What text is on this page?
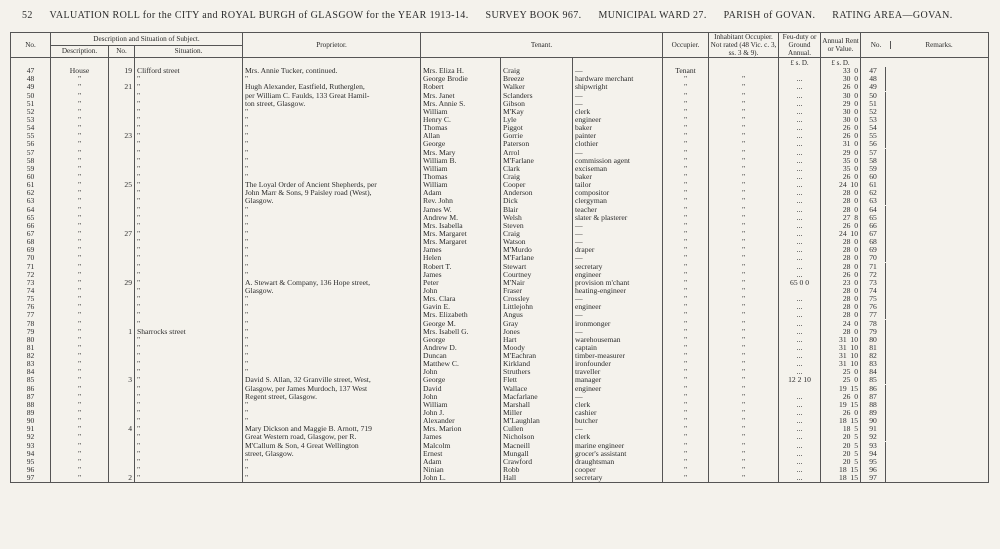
52 VALUATION ROLL for the CITY and ROYAL BURGH of GLASGOW for the YEAR 1913-14. SURVEY BOOK 967. MUNICIPAL WARD 27. PARISH of GOVAN. RATING AREA—GOVAN.
No.	Description and Situation of Subject.			Proprietor.	Tenant.			Occupier.	Inhabitant Occupier. Not rated (48 Vic. c. 3, ss. 3 & 9).	Feu-duty or Ground Annual.	Annual Rent or Value.	No. Remarks.

	Description.	No.	Situation.									
										£ s. D.	£ s. D.	
47	House	19	Clifford street	Mrs. Annie Tucker, continued.	Mrs. Eliza H.	Craig	—	Tenant			33  0	47
48	"		"	"	George Brodie	Breeze	hardware merchant	"	"	...	30  0	48
49	"	21	"	Hugh Alexander, Eastfield, Rutherglen,	Robert	Walker	shipwright	"	"	...	26  0	49
50	"		"	per William C. Faulds, 133 Great Hamil-	Mrs. Janet	Sclanders	—	"	"	...	30  0	50
51	"		"	ton street, Glasgow.	Mrs. Annie S.	Gibson	—	"	"	...	29  0	51
52	"		"	"	William	M'Kay	clerk	"	"	...	30  0	52
53	"		"	"	Henry C.	Lyle	engineer	"	"	...	30  0	53
54	"		"	"	Thomas	Piggot	baker	"	"	...	26  0	54
55	"	23	"	"	Allan	Gorrie	painter	"	"	...	26  0	55
56	"		"	"	George	Paterson	clothier	"	"	...	31  0	56
57	"		"	"	Mrs. Mary	Arrol	—	"	"	...	29  0	57
58	"		"	"	William B.	M'Farlane	commission agent	"	"	...	35  0	58
59	"		"	"	William	Clark	exciseman	"	"	...	35  0	59
60	"		"	"	Thomas	Craig	baker	"	"	...	26  0	60
61	"	25	"	The Loyal Order of Ancient Shepherds, per	William	Cooper	tailor	"	"	...	24  10	61
62	"		"	John Marr & Sons, 9 Paisley road (West),	Adam	Anderson	compositor	"	"	...	28  0	62
63	"		"	Glasgow.	Rev. John	Dick	clergyman	"	"	...	28  0	63
64	"		"	"	James W.	Blair	teacher	"	"	...	28  0	64
65	"		"	"	Andrew M.	Welsh	slater & plasterer	"	"	...	27  8	65
66	"		"	"	Mrs. Isabella	Steven	—	"	"	...	26  0	66
67	"	27	"	"	Mrs. Margaret	Craig	—	"	"	...	24  10	67
68	"		"	"	Mrs. Margaret	Watson	—	"	"	...	28  0	68
69	"		"	"	James	M'Murdo	draper	"	"	...	28  0	69
70	"		"	"	Helen	M'Farlane	—	"	"	...	28  0	70
71	"		"	"	Robert T.	Stewart	secretary	"	"	...	28  0	71
72	"		"	"	James	Courtney	engineer	"	"	...	26  0	72
73	"	29	"	A. Stewart & Company, 136 Hope street,	Peter	M'Nair	provision m'chant	"	"	65 0 0	23  0	73
74	"		"	Glasgow.	John	Fraser	heating-engineer	"	"		28  0	74
75	"		"	"	Mrs. Clara	Crossley	—	"	"	...	28  0	75
76	"		"	"	Gavin E.	Littlejohn	engineer	"	"	...	28  0	76
77	"		"	"	Mrs. Elizabeth	Angus	—	"	"	...	28  0	77
78	"		"	"	George M.	Gray	ironmonger	"	"	...	24  0	78
79	"	1	Sharrocks street	"	Mrs. Isabell G.	Jones	—	"	"	...	28  0	79
80	"		"	"	George	Hart	warehouseman	"	"	...	31  10	80
81	"		"	"	Andrew D.	Moody	captain	"	"	...	31  10	81
82	"		"	"	Duncan	M'Eachran	timber-measurer	"	"	...	31  10	82
83	"		"	"	Matthew C.	Kirkland	ironfounder	"	"	...	31  10	83
84	"		"	"	John	Struthers	traveller	"	"	...	25  0	84
85	"	3	"	David S. Allan, 32 Granville street, West,	George	Flett	manager	"	"	12 2 10	25  0	85
86	"		"	Glasgow, per James Murdoch, 137 West	David	Wallace	engineer	"	"		19  15	86
87	"		"	Regent street, Glasgow.	John	Macfarlane	—	"	"	...	26  0	87
88	"		"	"	William	Marshall	clerk	"	"	...	19  15	88
89	"		"	"	John J.	Miller	cashier	"	"	...	26  0	89
90	"		"	"	Alexander	M'Laughlan	butcher	"	"	...	18  15	90
91	"	4	"	Mary Dickson and Maggie B. Arnott, 719	Mrs. Marion	Cullen	—	"	"	...	18  5	91
92	"		"	Great Western road, Glasgow, per R.	James	Nicholson	clerk	"	"	...	20  5	92
93	"		"	M'Callum & Son, 4 Great Wellington	Malcolm	Macneill	marine engineer	"	"	...	20  5	93
94	"		"	street, Glasgow.	Ernest	Mungall	grocer's assistant	"	"	...	20  5	94
95	"		"	"	Adam	Crawford	draughtsman	"	"	...	20  5	95
96	"		"	"	Ninian	Robb	cooper	"	"	...	18  15	96
97	"	2	"	"	John L.	Hall	secretary	"	"	...	18  15	97
